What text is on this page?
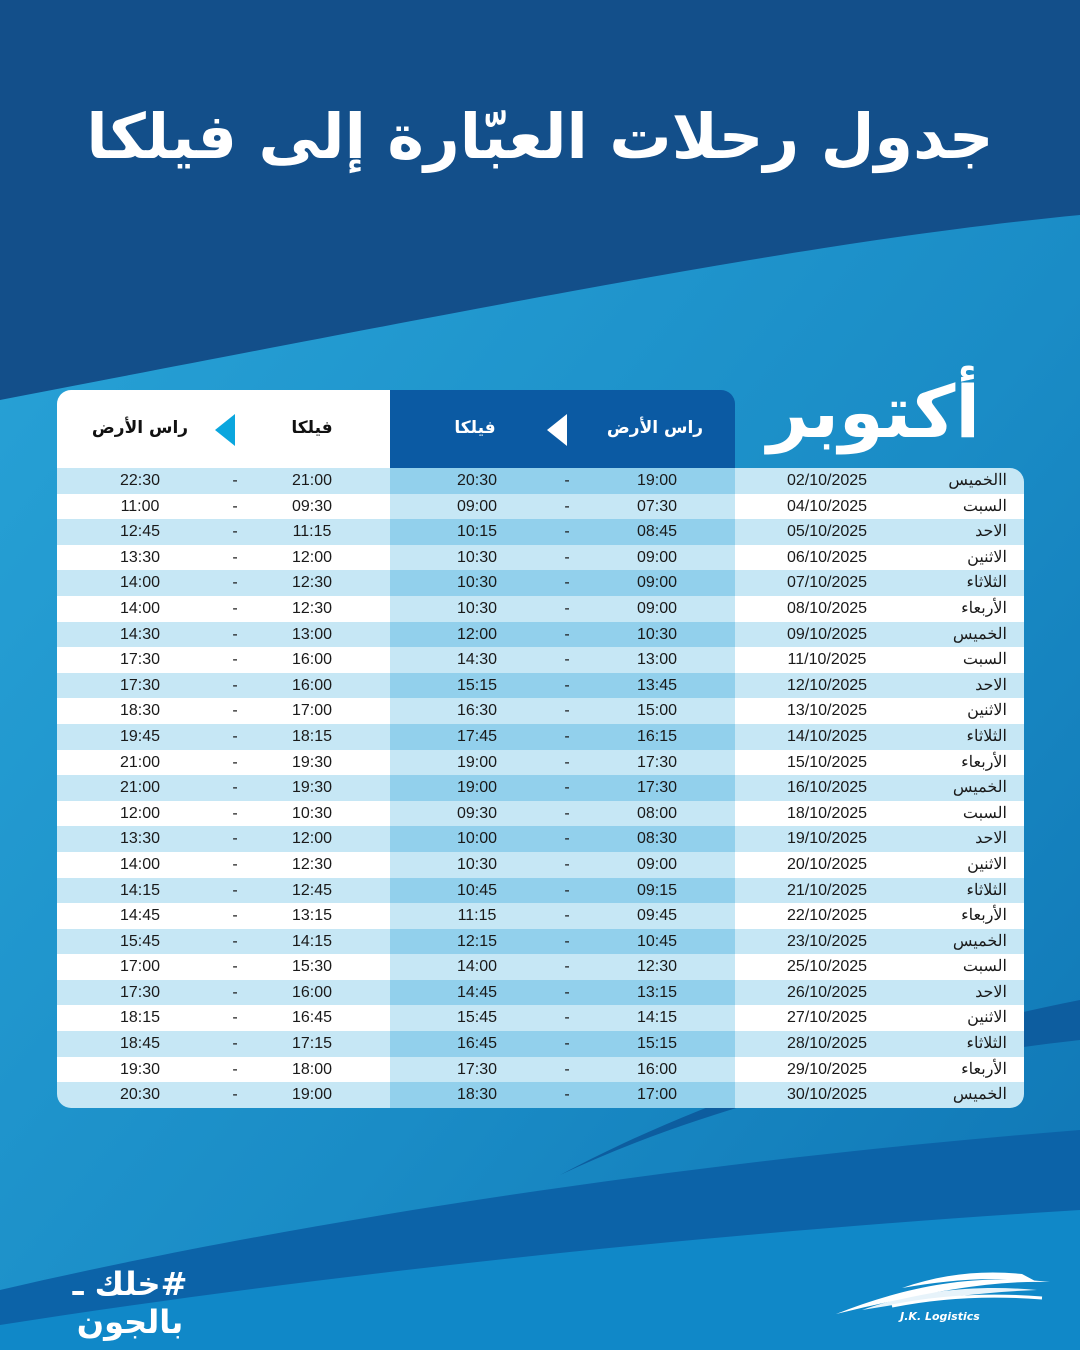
جدول رحلات العبّارة إلى فيلكا
أكتوبر
فيلكا
راس الأرض	راس الأرض
فيلكا
االخميس
02/10/2025
19:00
-
20:30
21:00
-
22:30
السبت
04/10/2025
07:30
-
09:00
09:30
-
11:00
الاحد
05/10/2025
08:45
-
10:15
11:15
-
12:45
الاثنين
06/10/2025
09:00
-
10:30
12:00
-
13:30
الثلاثاء
07/10/2025
09:00
-
10:30
12:30
-
14:00
الأربعاء
08/10/2025
09:00
-
10:30
12:30
-
14:00
الخميس
09/10/2025
10:30
-
12:00
13:00
-
14:30
السبت
11/10/2025
13:00
-
14:30
16:00
-
17:30
الاحد
12/10/2025
13:45
-
15:15
16:00
-
17:30
الاثنين
13/10/2025
15:00
-
16:30
17:00
-
18:30
الثلاثاء
14/10/2025
16:15
-
17:45
18:15
-
19:45
الأربعاء
15/10/2025
17:30
-
19:00
19:30
-
21:00
الخميس
16/10/2025
17:30
-
19:00
19:30
-
21:00
السبت
18/10/2025
08:00
-
09:30
10:30
-
12:00
الاحد
19/10/2025
08:30
-
10:00
12:00
-
13:30
الاثنين
20/10/2025
09:00
-
10:30
12:30
-
14:00
الثلاثاء
21/10/2025
09:15
-
10:45
12:45
-
14:15
الأربعاء
22/10/2025
09:45
-
11:15
13:15
-
14:45
الخميس
23/10/2025
10:45
-
12:15
14:15
-
15:45
السبت
25/10/2025
12:30
-
14:00
15:30
-
17:00
الاحد
26/10/2025
13:15
-
14:45
16:00
-
17:30
الاثنين
27/10/2025
14:15
-
15:45
16:45
-
18:15
الثلاثاء
28/10/2025
15:15
-
16:45
17:15
-
18:45
الأربعاء
29/10/2025
16:00
-
17:30
18:00
-
19:30
الخميس
30/10/2025
17:00
-
18:30
19:00
-
20:30
#خلك ـ بالجون	J.K. Logistics
